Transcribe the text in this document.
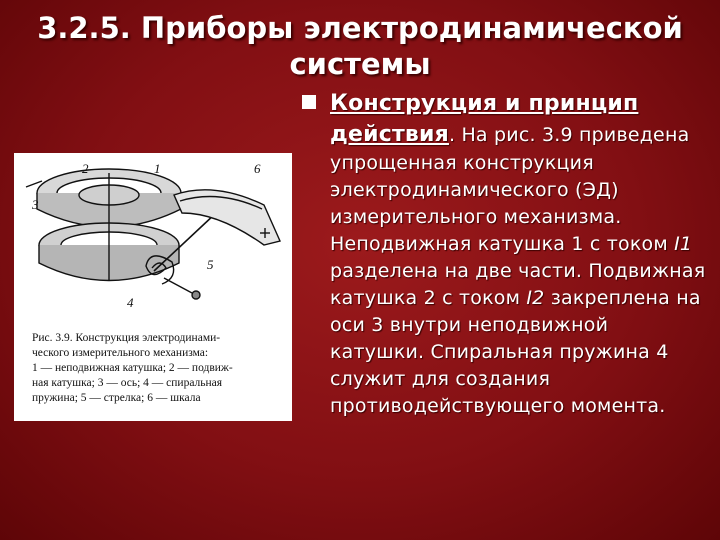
3.2.5. Приборы электродинамической системы
Конструкция и принцип действия. На рис. 3.9 приведена упрощенная конструкция электродинамического (ЭД) измерительного механизма. Неподвижная катушка 1 с током I1 разделена на две части. Подвижная катушка 2 с током I2 закреплена на оси 3 внутри неподвижной катушки. Спиральная пружина 4 служит для создания противодействующего момента.
2	1	6
3
5
4
Рис. 3.9. Конструкция электродинами-
ческого измерительного механизма:
1 — неподвижная катушка; 2 — подвиж-
ная катушка; 3 — ось; 4 — спиральная
пружина; 5 — стрелка; 6 — шкала
